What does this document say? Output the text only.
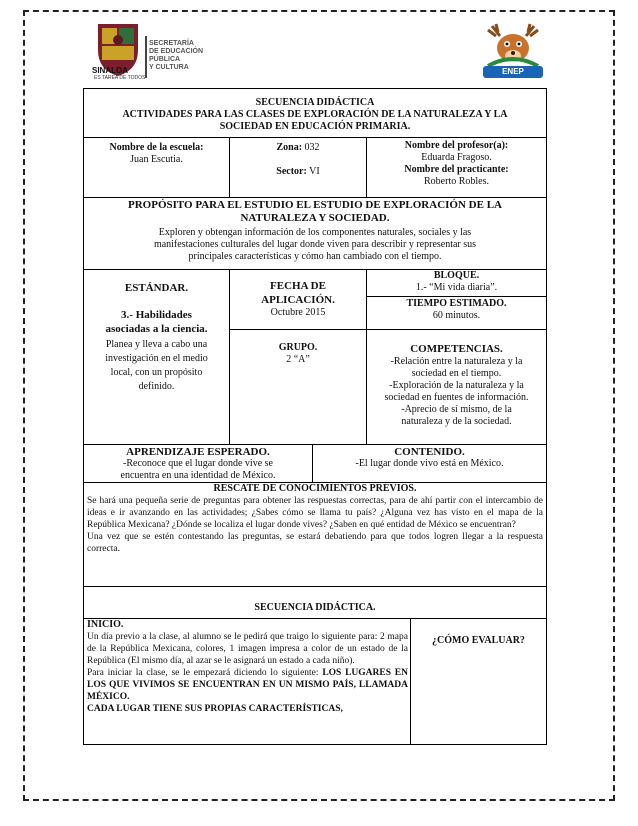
SINALOA
ES TAREA DE TODOS
SECRETARÍA
DE EDUCACIÓN
PÚBLICA
Y CULTURA	ENEP
SECUENCIA DIDÁCTICA
ACTIVIDADES PARA LAS CLASES DE EXPLORACIÓN DE LA NATURALEZA Y LA
SOCIEDAD EN EDUCACIÓN PRIMARIA.
Nombre de la escuela:
Juan Escutia.
Zona: 032
Sector: VI
Nombre del profesor(a):
Eduarda Fragoso.
Nombre del practicante:
Roberto Robles.
PROPÓSITO PARA EL ESTUDIO EL ESTUDIO DE EXPLORACIÓN DE LA
NATURALEZA Y SOCIEDAD.
Exploren y obtengan información de los componentes naturales, sociales y las
manifestaciones culturales del lugar donde viven para describir y representar sus
principales características y cómo han cambiado con el tiempo.
ESTÁNDAR.
3.- Habilidades
asociadas a la ciencia.
Planea y lleva a cabo una
investigación en el medio
local, con un propósito
definido.
FECHA DE
APLICACIÓN.
Octubre 2015
BLOQUE.
1.- “Mi vida diaria”.
TIEMPO ESTIMADO.
60 minutos.
GRUPO.
2 “A”
COMPETENCIAS.
-Relación entre la naturaleza y la
sociedad en el tiempo.
-Exploración de la naturaleza y la
sociedad en fuentes de información.
-Aprecio de sí mismo, de la
naturaleza y de la sociedad.
APRENDIZAJE ESPERADO.
-Reconoce que el lugar donde vive se
encuentra en una identidad de México.
CONTENIDO.
-El lugar donde vivo está en México.
RESCATE DE CONOCIMIENTOS PREVIOS.

Se hará una pequeña serie de preguntas para obtener las respuestas correctas, para de ahí partir con el intercambio de ideas e ir avanzando en las actividades; ¿Sabes cómo se llama tu país? ¿Alguna vez has visto en el mapa de la República Mexicana? ¿Dónde se localiza el lugar donde vives? ¿Saben en qué entidad de México se encuentran?

Una vez que se estén contestando las preguntas, se estará debatiendo para que todos logren llegar a la respuesta correcta.

SECUENCIA DIDÁCTICA.
INICIO.

Un día previo a la clase, al alumno se le pedirá que traigo lo siguiente para: 2 mapa de la República Mexicana, colores, 1 imagen impresa a color de un estado de la República (El mismo día, al azar se le asignará un estado a cada niño).

Para iniciar la clase, se le empezará diciendo lo siguiente: LOS LUGARES EN LOS QUE VIVIMOS SE ENCUENTRAN EN UN MISMO PAÍS, LLAMADA MÉXICO.

CADA LUGAR TIENE SUS PROPIAS CARACTERÍSTICAS,

¿CÓMO EVALUAR?
